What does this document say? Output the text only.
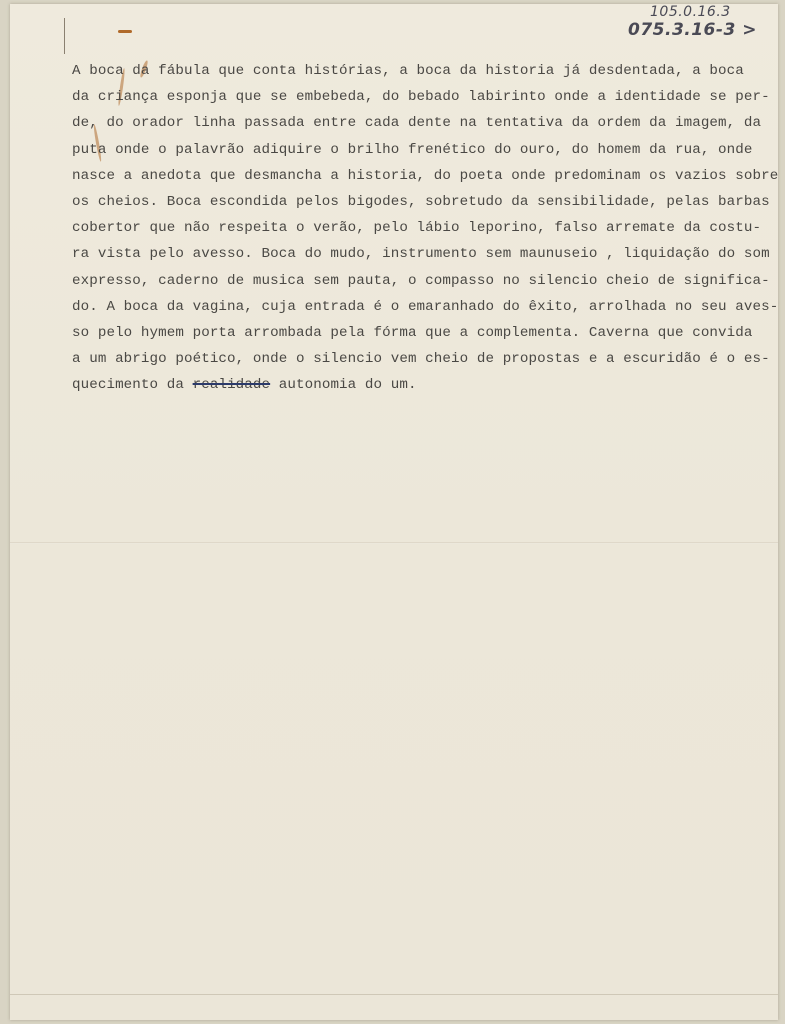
105.0.16.3
075.3.16-3 >
A boca da fábula que conta histórias, a boca da historia já desdentada, a boca
da criança esponja que se embebeda, do bebado labirinto onde a identidade se per-
de, do orador linha passada entre cada dente na tentativa da ordem da imagem, da
puta onde o palavrão adiquire o brilho frenético do ouro, do homem da rua, onde
nasce a anedota que desmancha a historia, do poeta onde predominam os vazios sobre
os cheios. Boca escondida pelos bigodes, sobretudo da sensibilidade, pelas barbas
cobertor que não respeita o verão, pelo lábio leporino, falso arremate da costu-
ra vista pelo avesso. Boca do mudo, instrumento sem maunuseio , liquidação do som
expresso, caderno de musica sem pauta, o compasso no silencio cheio de significa-
do. A boca da vagina, cuja entrada é o emaranhado do êxito, arrolhada no seu aves-
so pelo hymem porta arrombada pela fórma que a complementa. Caverna que convida
a um abrigo poético, onde o silencio vem cheio de propostas e a escuridão é o es-
quecimento da realidade autonomia do um.
